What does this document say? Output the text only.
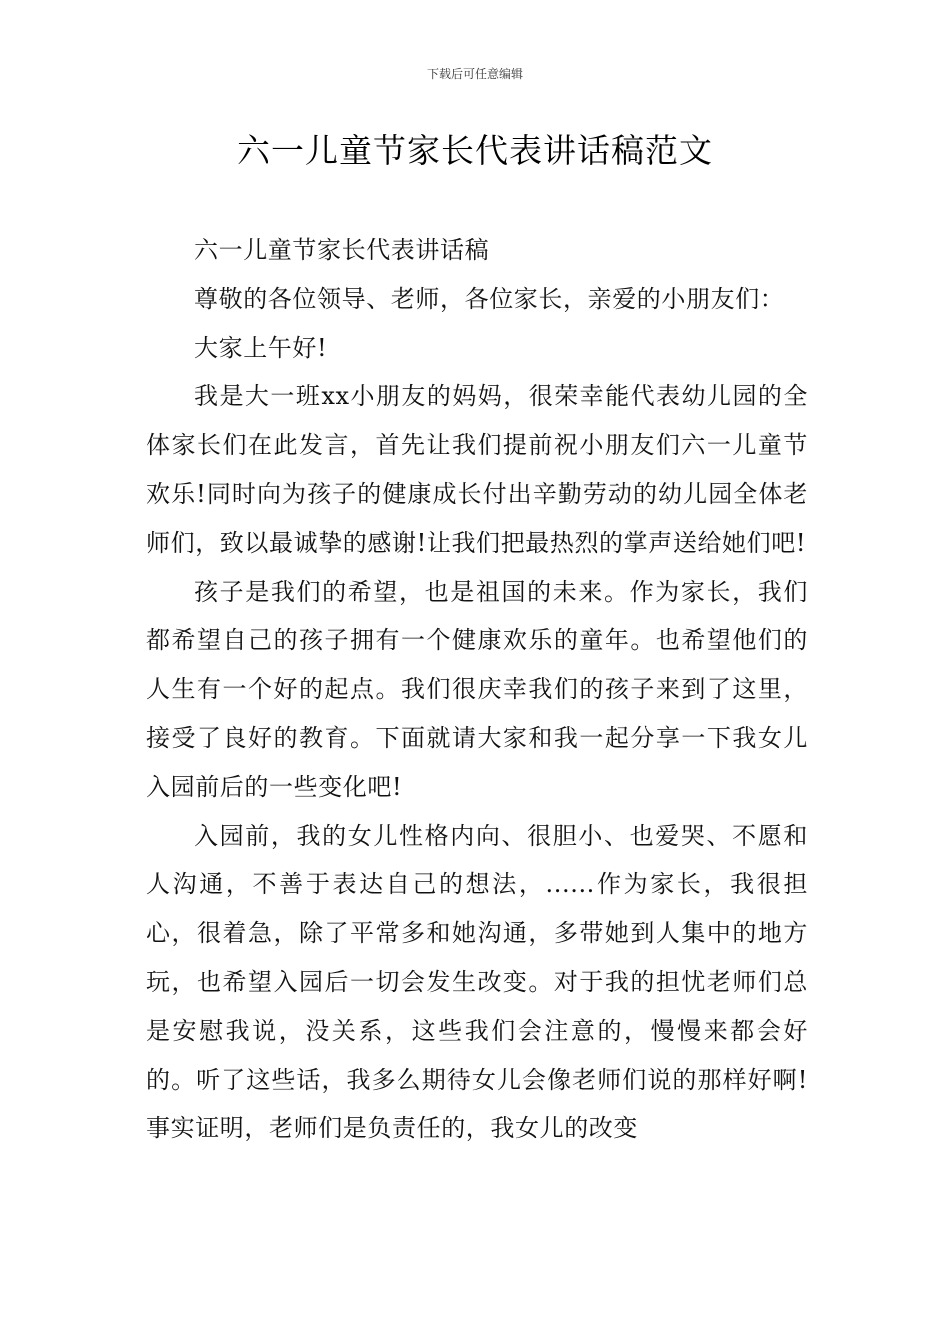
下载后可任意编辑
六一儿童节家长代表讲话稿范文

六一儿童节家长代表讲话稿

尊敬的各位领导、老师，各位家长，亲爱的小朋友们：

大家上午好!

我是大一班xx小朋友的妈妈，很荣幸能代表幼儿园的全体家长们在此发言，首先让我们提前祝小朋友们六一儿童节欢乐!同时向为孩子的健康成长付出辛勤劳动的幼儿园全体老师们，致以最诚挚的感谢!让我们把最热烈的掌声送给她们吧!

孩子是我们的希望，也是祖国的未来。作为家长，我们都希望自己的孩子拥有一个健康欢乐的童年。也希望他们的人生有一个好的起点。我们很庆幸我们的孩子来到了这里，接受了良好的教育。下面就请大家和我一起分享一下我女儿入园前后的一些变化吧!

入园前，我的女儿性格内向、很胆小、也爱哭、不愿和人沟通，不善于表达自己的想法，......作为家长，我很担心，很着急，除了平常多和她沟通，多带她到人集中的地方玩，也希望入园后一切会发生改变。对于我的担忧老师们总是安慰我说，没关系，这些我们会注意的，慢慢来都会好的。听了这些话，我多么期待女儿会像老师们说的那样好啊!事实证明，老师们是负责任的，我女儿的改变
